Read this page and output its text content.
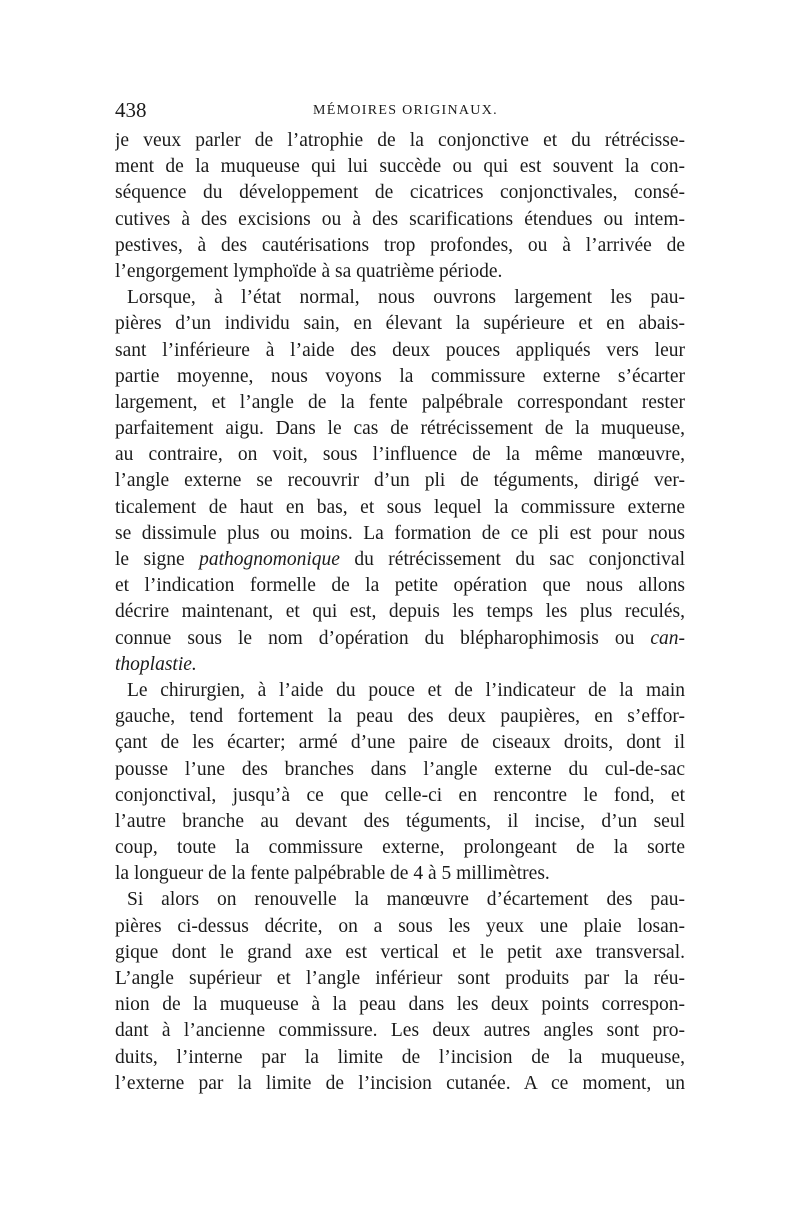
438	MÉMOIRES ORIGINAUX.
je veux parler de l’atrophie de la conjonctive et du rétrécisse-
ment de la muqueuse qui lui succède ou qui est souvent la con-
séquence du développement de cicatrices conjonctivales, consé-
cutives à des excisions ou à des scarifications étendues ou intem-
pestives, à des cautérisations trop profondes, ou à l’arrivée de
l’engorgement lymphoïde à sa quatrième période.
Lorsque, à l’état normal, nous ouvrons largement les pau-
pières d’un individu sain, en élevant la supérieure et en abais-
sant l’inférieure à l’aide des deux pouces appliqués vers leur
partie moyenne, nous voyons la commissure externe s’écarter
largement, et l’angle de la fente palpébrale correspondant rester
parfaitement aigu. Dans le cas de rétrécissement de la muqueuse,
au contraire, on voit, sous l’influence de la même manœuvre,
l’angle externe se recouvrir d’un pli de téguments, dirigé ver-
ticalement de haut en bas, et sous lequel la commissure externe
se dissimule plus ou moins. La formation de ce pli est pour nous
le signe pathognomonique du rétrécissement du sac conjonctival
et l’indication formelle de la petite opération que nous allons
décrire maintenant, et qui est, depuis les temps les plus reculés,
connue sous le nom d’opération du blépharophimosis ou can-
thoplastie.
Le chirurgien, à l’aide du pouce et de l’indicateur de la main
gauche, tend fortement la peau des deux paupières, en s’effor-
çant de les écarter; armé d’une paire de ciseaux droits, dont il
pousse l’une des branches dans l’angle externe du cul-de-sac
conjonctival, jusqu’à ce que celle-ci en rencontre le fond, et
l’autre branche au devant des téguments, il incise, d’un seul
coup, toute la commissure externe, prolongeant de la sorte
la longueur de la fente palpébrable de 4 à 5 millimètres.
Si alors on renouvelle la manœuvre d’écartement des pau-
pières ci-dessus décrite, on a sous les yeux une plaie losan-
gique dont le grand axe est vertical et le petit axe transversal.
L’angle supérieur et l’angle inférieur sont produits par la réu-
nion de la muqueuse à la peau dans les deux points correspon-
dant à l’ancienne commissure. Les deux autres angles sont pro-
duits, l’interne par la limite de l’incision de la muqueuse,
l’externe par la limite de l’incision cutanée. A ce moment, un
